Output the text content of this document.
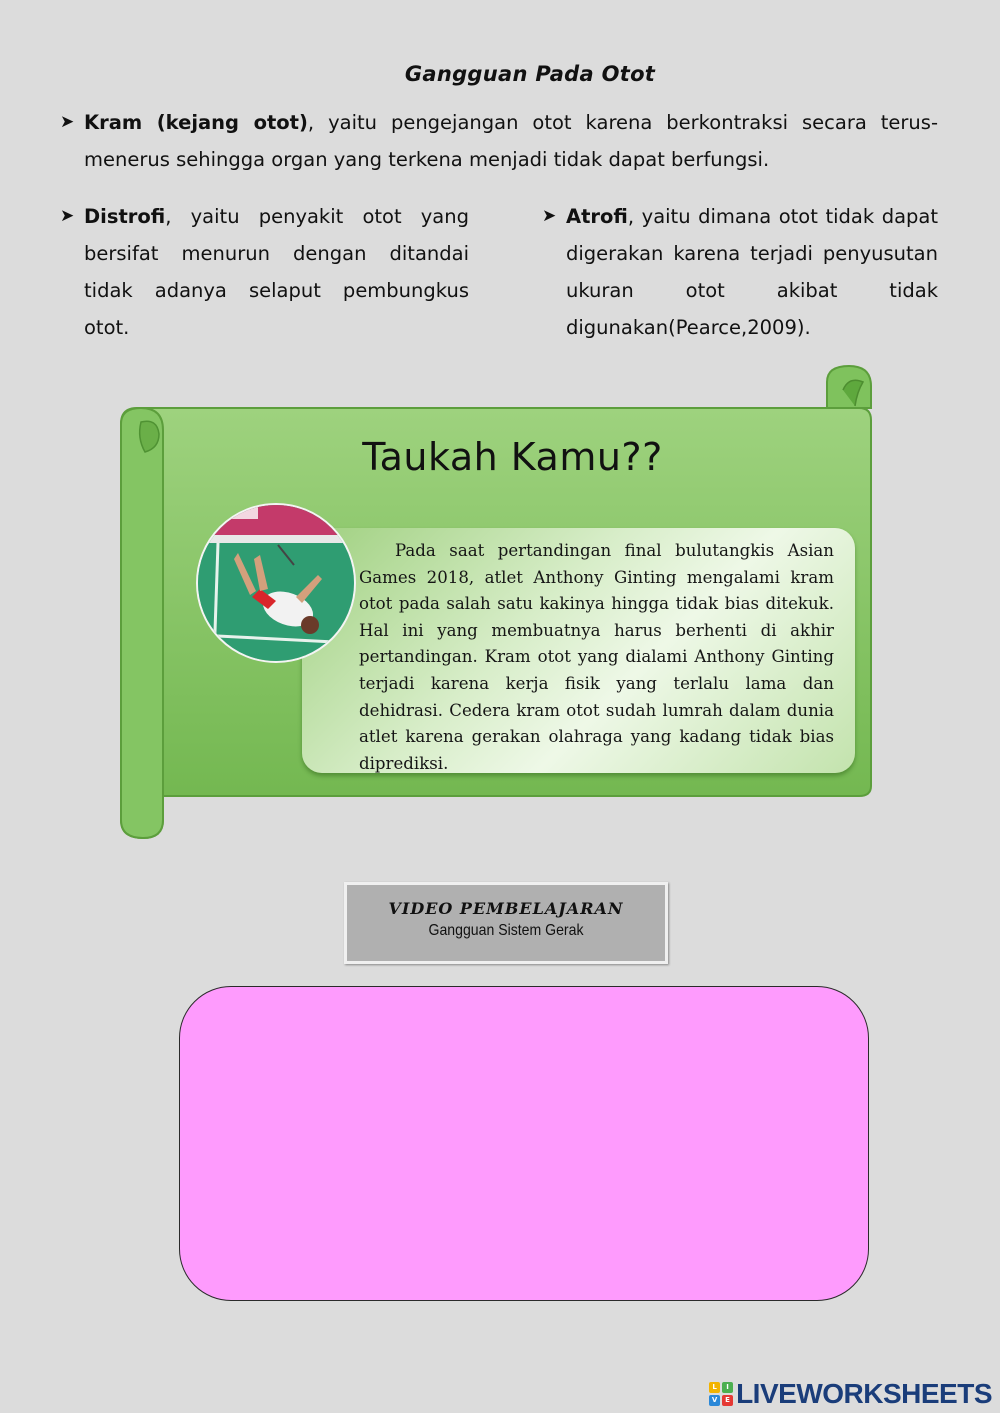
Gangguan Pada Otot
➤ Kram (kejang otot), yaitu pengejangan otot karena berkontraksi secara terus-menerus sehingga organ yang terkena menjadi tidak dapat berfungsi.
➤ Distrofi, yaitu penyakit otot yang bersifat menurun dengan ditandai tidak adanya selaput pembungkus otot.
➤ Atrofi, yaitu dimana otot tidak dapat digerakan karena terjadi penyusutan ukuran otot akibat tidak digunakan(Pearce,2009).
Taukah Kamu??

Pada saat pertandingan final bulutangkis Asian Games 2018, atlet Anthony Ginting mengalami kram otot pada salah satu kakinya hingga tidak bias ditekuk. Hal ini yang membuatnya harus berhenti di akhir pertandingan. Kram otot yang dialami Anthony Ginting terjadi karena kerja fisik yang terlalu lama dan dehidrasi. Cedera kram otot sudah lumrah dalam dunia atlet karena gerakan olahraga yang kadang tidak bias diprediksi.

VIDEO PEMBELAJARAN
Gangguan Sistem Gerak
L	I
V	E LIVEWORKSHEETS
